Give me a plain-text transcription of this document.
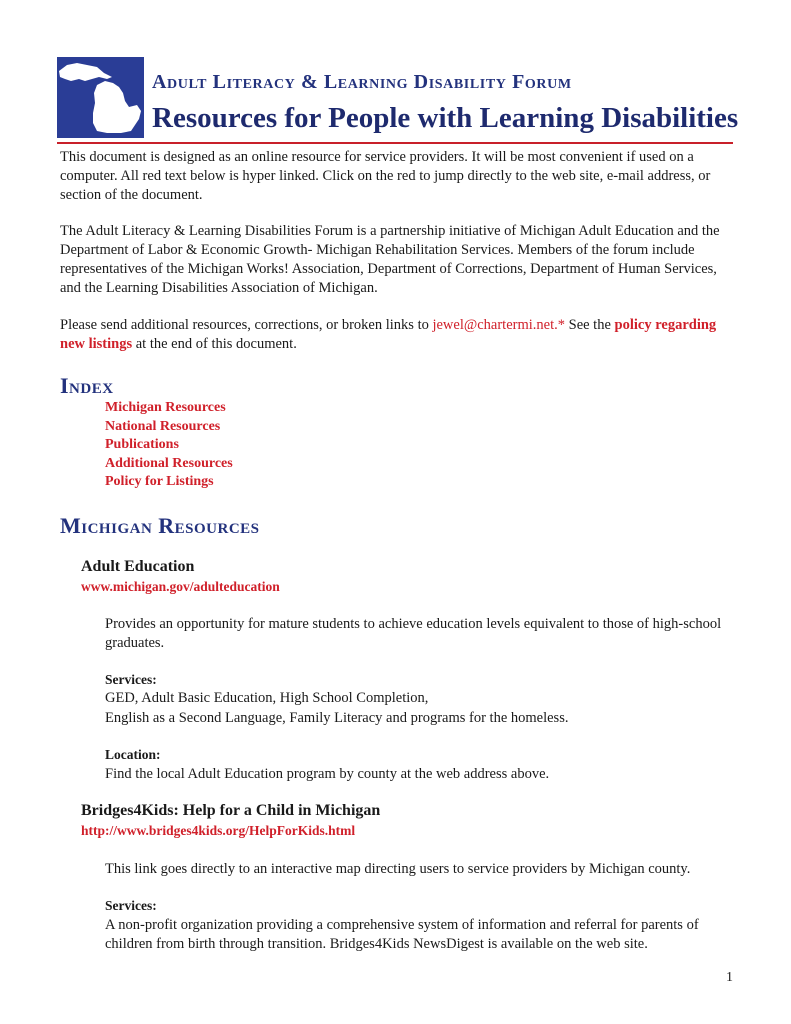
Adult Literacy & Learning Disability Forum
Resources for People with Learning Disabilities
This document is designed as an online resource for service providers. It will be most convenient if used on a computer. All red text below is hyper linked. Click on the red to jump directly to the web site, e-mail address, or section of the document.
The Adult Literacy & Learning Disabilities Forum is a partnership initiative of Michigan Adult Education and the Department of Labor & Economic Growth- Michigan Rehabilitation Services. Members of the forum include representatives of the Michigan Works! Association, Department of Corrections, Department of Human Services, and the Learning Disabilities Association of Michigan.
Please send additional resources, corrections, or broken links to jewel@chartermi.net.* See the policy regarding new listings at the end of this document.
Index
Michigan Resources
National Resources
Publications
Additional Resources
Policy for Listings
Michigan Resources
Adult Education
www.michigan.gov/adulteducation
Provides an opportunity for mature students to achieve education levels equivalent to those of high-school graduates.
Services:
GED, Adult Basic Education, High School Completion,
English as a Second Language, Family Literacy and programs for the homeless.
Location:
Find the local Adult Education program by county at the web address above.
Bridges4Kids: Help for a Child in Michigan
http://www.bridges4kids.org/HelpForKids.html
This link goes directly to an interactive map directing users to service providers by Michigan county.
Services:
A non-profit organization providing a comprehensive system of information and referral for parents of children from birth through transition. Bridges4Kids NewsDigest is available on the web site.
1
